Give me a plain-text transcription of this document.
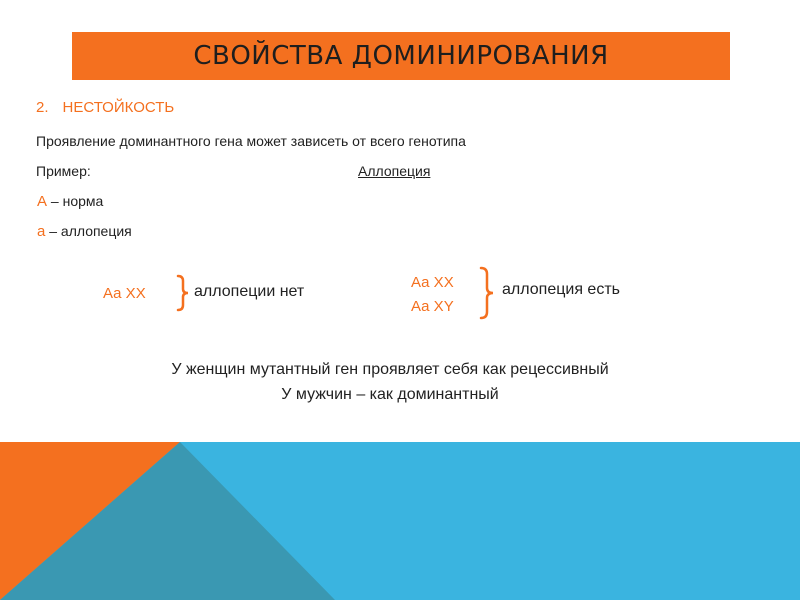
СВОЙСТВА ДОМИНИРОВАНИЯ
2. НЕСТОЙКОСТЬ
Проявление доминантного гена может зависеть от всего генотипа
Пример:	Аллопеция
А – норма
а – аллопеция
Аа ХХ	аллопеции нет
Аа ХХ
Аа ХY
аллопеция есть
У женщин мутантный ген проявляет себя как рецессивный
У мужчин – как доминантный
